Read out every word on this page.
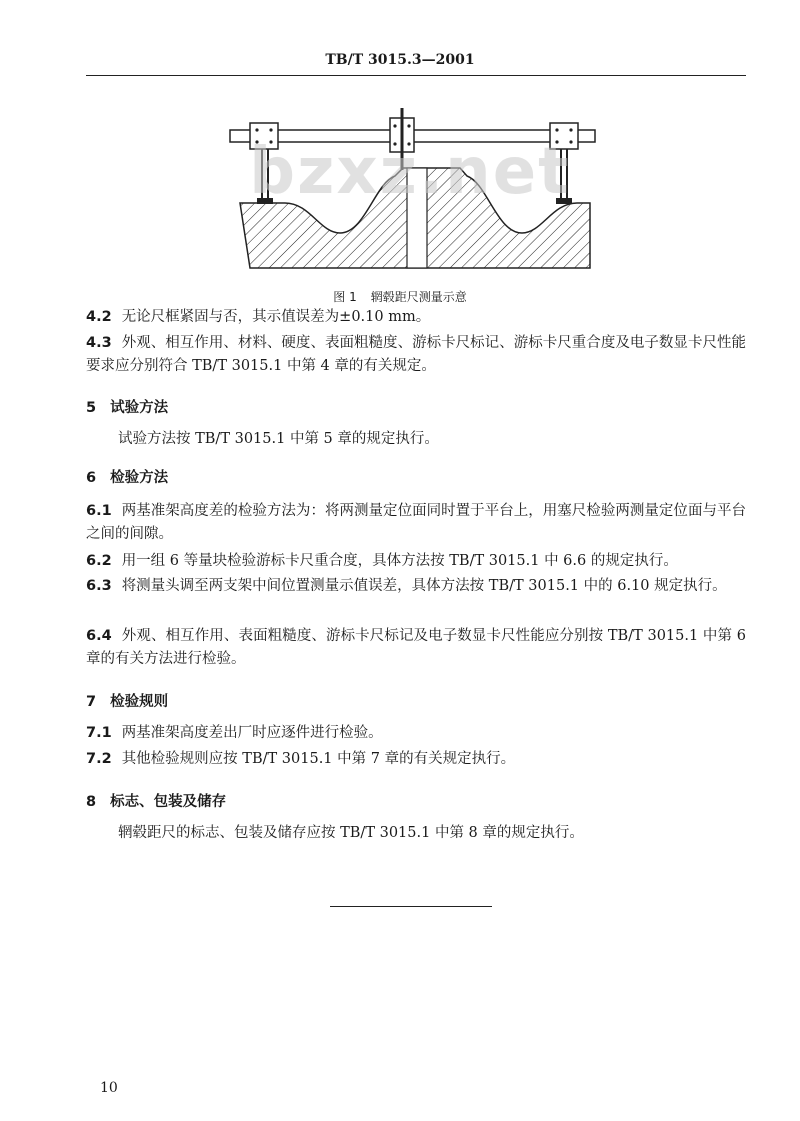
TB/T 3015.3—2001
bzxz.net
图 1 辋毂距尺测量示意
4.2 无论尺框紧固与否，其示值误差为±0.10 mm。
4.3 外观、相互作用、材料、硬度、表面粗糙度、游标卡尺标记、游标卡尺重合度及电子数显卡尺性能要求应分别符合 TB/T 3015.1 中第 4 章的有关规定。
5 试验方法
试验方法按 TB/T 3015.1 中第 5 章的规定执行。
6 检验方法
6.1 两基准架高度差的检验方法为：将两测量定位面同时置于平台上，用塞尺检验两测量定位面与平台之间的间隙。
6.2 用一组 6 等量块检验游标卡尺重合度，具体方法按 TB/T 3015.1 中 6.6 的规定执行。
6.3 将测量头调至两支架中间位置测量示值误差，具体方法按 TB/T 3015.1 中的 6.10 规定执行。
6.4 外观、相互作用、表面粗糙度、游标卡尺标记及电子数显卡尺性能应分别按 TB/T 3015.1 中第 6 章的有关方法进行检验。
7 检验规则
7.1 两基准架高度差出厂时应逐件进行检验。
7.2 其他检验规则应按 TB/T 3015.1 中第 7 章的有关规定执行。
8 标志、包装及储存
辋毂距尺的标志、包装及储存应按 TB/T 3015.1 中第 8 章的规定执行。
10
